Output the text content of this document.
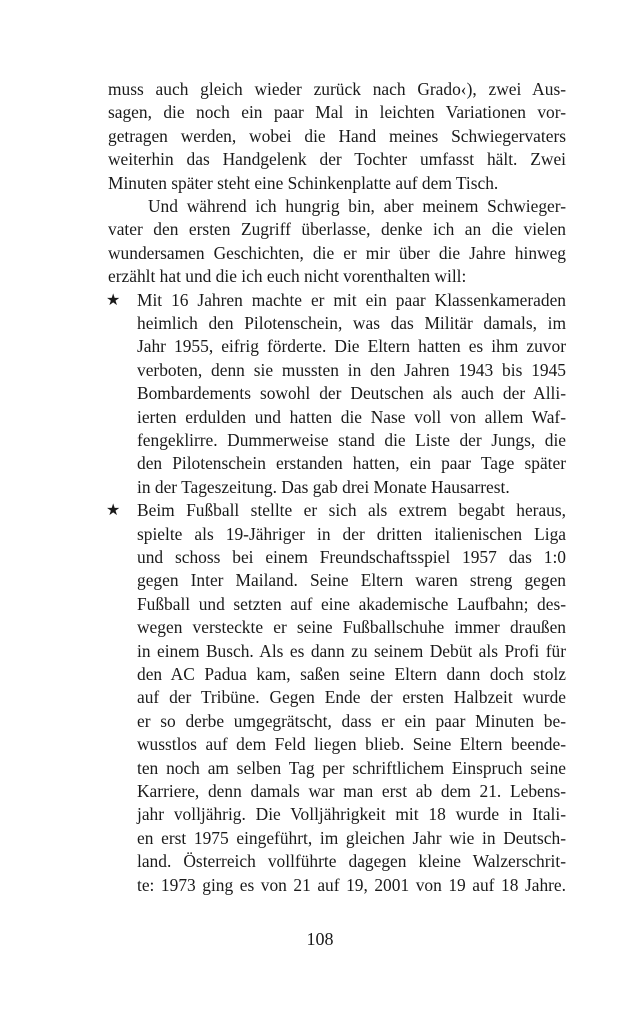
muss auch gleich wieder zurück nach Grado‹), zwei Aus-
sagen, die noch ein paar Mal in leichten Variationen vor-
getragen werden, wobei die Hand meines Schwiegervaters
weiterhin das Handgelenk der Tochter umfasst hält. Zwei
Minuten später steht eine Schinkenplatte auf dem Tisch.
Und während ich hungrig bin, aber meinem Schwieger-
vater den ersten Zugriff überlasse, denke ich an die vielen
wundersamen Geschichten, die er mir über die Jahre hinweg
erzählt hat und die ich euch nicht vorenthalten will:
★ Mit 16 Jahren machte er mit ein paar Klassenkameraden
heimlich den Pilotenschein, was das Militär damals, im
Jahr 1955, eifrig förderte. Die Eltern hatten es ihm zuvor
verboten, denn sie mussten in den Jahren 1943 bis 1945
Bombardements sowohl der Deutschen als auch der Alli-
ierten erdulden und hatten die Nase voll von allem Waf-
fengeklirre. Dummerweise stand die Liste der Jungs, die
den Pilotenschein erstanden hatten, ein paar Tage später
in der Tageszeitung. Das gab drei Monate Hausarrest.
★ Beim Fußball stellte er sich als extrem begabt heraus,
spielte als 19-Jähriger in der dritten italienischen Liga
und schoss bei einem Freundschaftsspiel 1957 das 1:0
gegen Inter Mailand. Seine Eltern waren streng gegen
Fußball und setzten auf eine akademische Laufbahn; des-
wegen versteckte er seine Fußballschuhe immer draußen
in einem Busch. Als es dann zu seinem Debüt als Profi für
den AC Padua kam, saßen seine Eltern dann doch stolz
auf der Tribüne. Gegen Ende der ersten Halbzeit wurde
er so derbe umgegrätscht, dass er ein paar Minuten be-
wusstlos auf dem Feld liegen blieb. Seine Eltern beende-
ten noch am selben Tag per schriftlichem Einspruch seine
Karriere, denn damals war man erst ab dem 21. Lebens-
jahr volljährig. Die Volljährigkeit mit 18 wurde in Itali-
en erst 1975 eingeführt, im gleichen Jahr wie in Deutsch-
land. Österreich vollführte dagegen kleine Walzerschrit-
te: 1973 ging es von 21 auf 19, 2001 von 19 auf 18 Jahre.
108
